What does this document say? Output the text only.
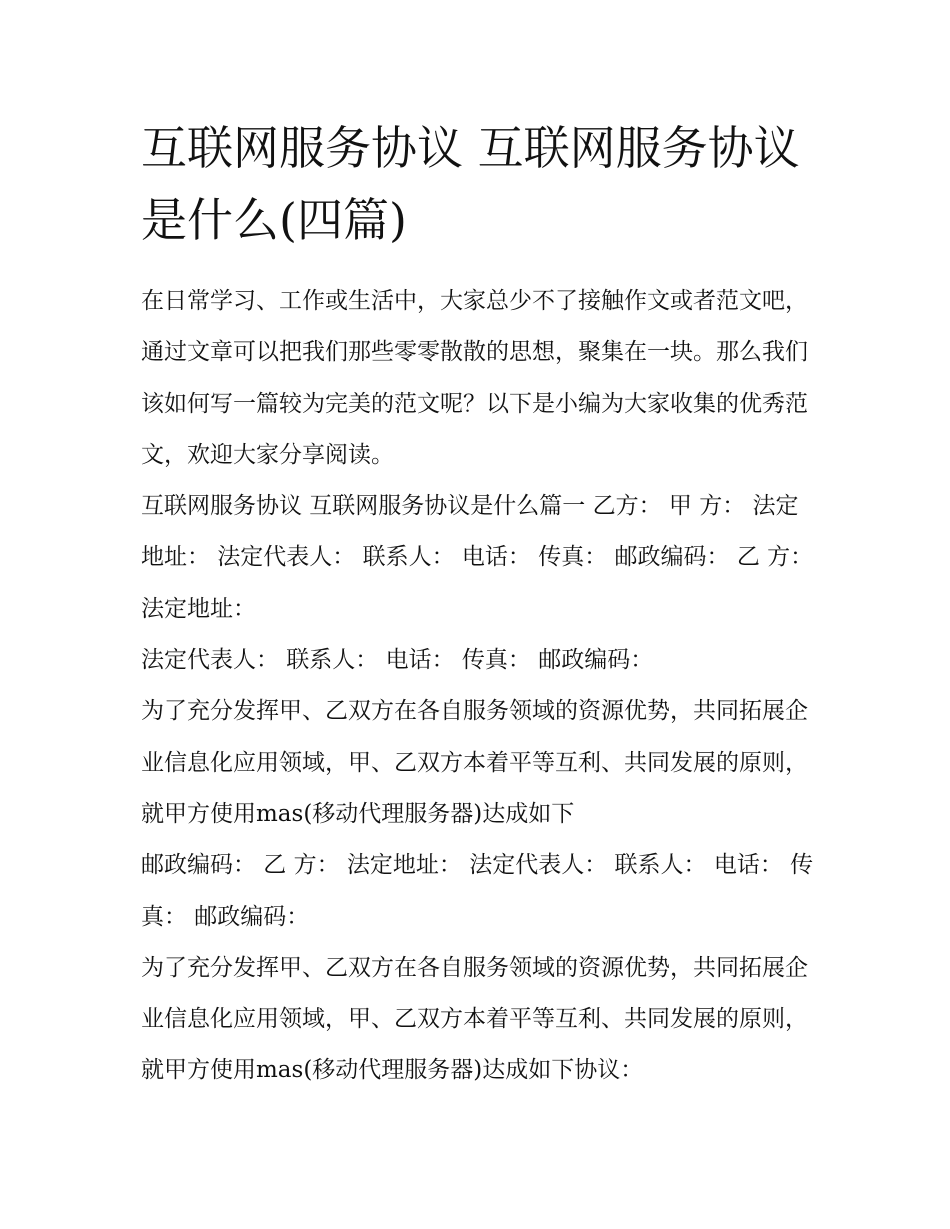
互联网服务协议 互联网服务协议是什么(四篇)

在日常学习、工作或生活中，大家总少不了接触作文或者范文吧，通过文章可以把我们那些零零散散的思想，聚集在一块。那么我们该如何写一篇较为完美的范文呢？以下是小编为大家收集的优秀范文，欢迎大家分享阅读。

互联网服务协议 互联网服务协议是什么篇一 乙方： 甲 方： 法定地址： 法定代表人： 联系人： 电话： 传真： 邮政编码： 乙 方： 法定地址：

法定代表人： 联系人： 电话： 传真： 邮政编码：

为了充分发挥甲、乙双方在各自服务领域的资源优势，共同拓展企业信息化应用领域，甲、乙双方本着平等互利、共同发展的原则，就甲方使用mas(移动代理服务器)达成如下

邮政编码： 乙 方： 法定地址： 法定代表人： 联系人： 电话： 传真： 邮政编码：

为了充分发挥甲、乙双方在各自服务领域的资源优势，共同拓展企业信息化应用领域，甲、乙双方本着平等互利、共同发展的原则，就甲方使用mas(移动代理服务器)达成如下协议：
